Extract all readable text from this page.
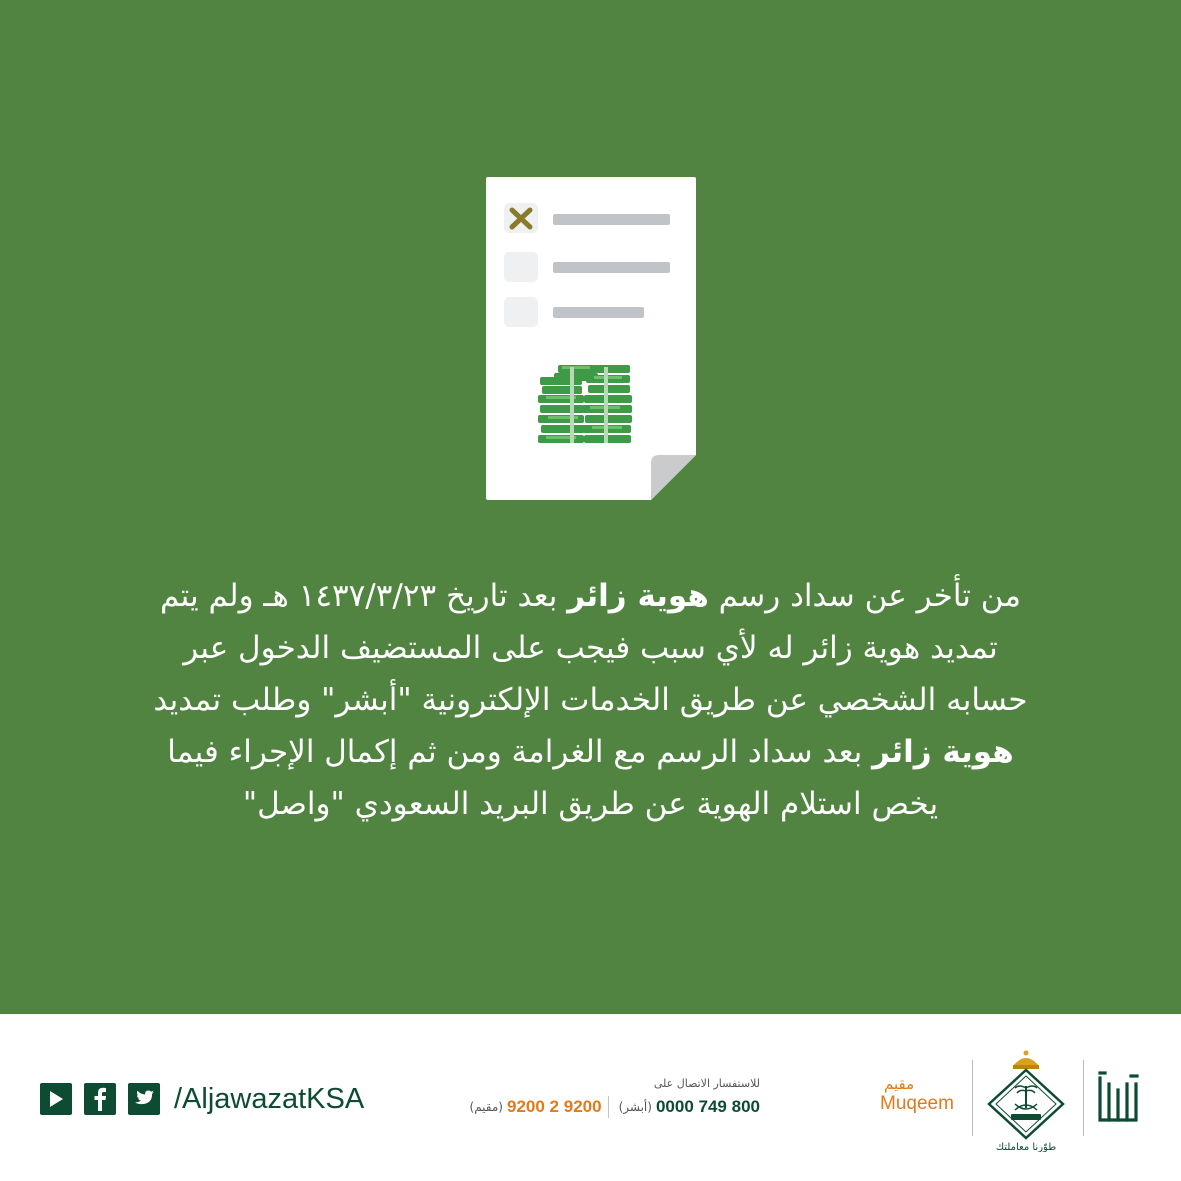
من تأخر عن سداد رسم هوية زائر بعد تاريخ ١٤٣٧/٣/٢٣ هـ ولم يتم
تمديد هوية زائر له لأي سبب فيجب على المستضيف الدخول عبر
حسابه الشخصي عن طريق الخدمات الإلكترونية "أبشر" وطلب تمديد
هوية زائر بعد سداد الرسم مع الغرامة ومن ثم إكمال الإجراء فيما
يخص استلام الهوية عن طريق البريد السعودي "واصل"
/AljawazatKSA	للاستفسار الاتصال على
800 749 0000
(أبشر)
9200 2 9200
(مقيم)
مقيم
Muqeem
طوّرنا معاملتك
